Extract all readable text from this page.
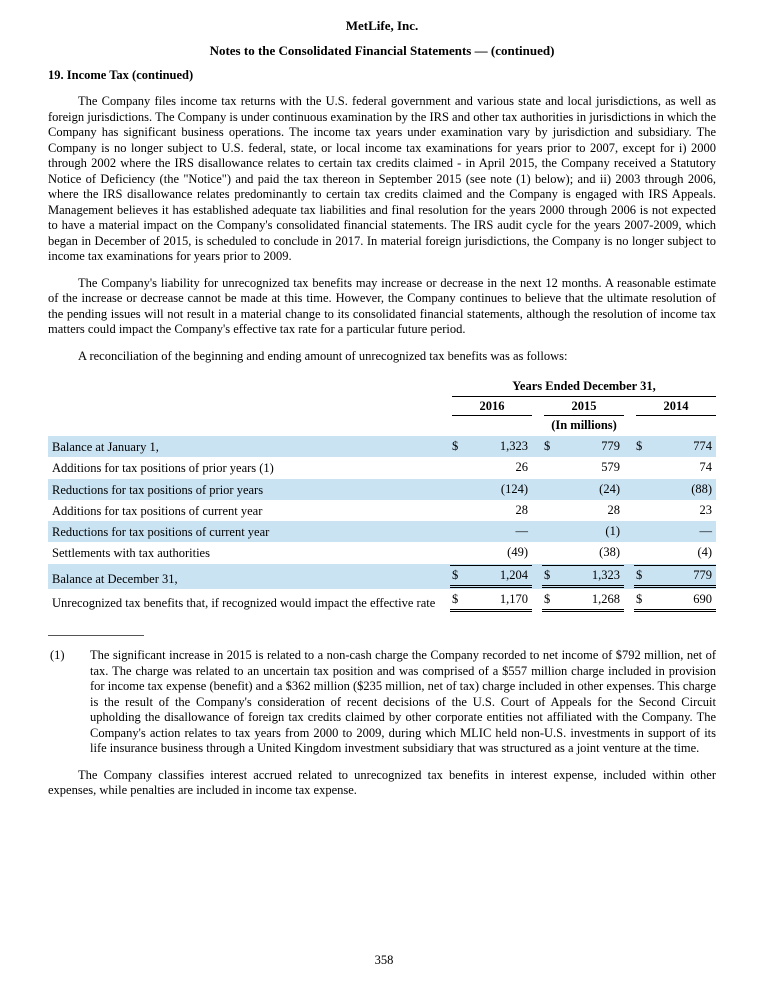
MetLife, Inc.
Notes to the Consolidated Financial Statements — (continued)
19. Income Tax (continued)

The Company files income tax returns with the U.S. federal government and various state and local jurisdictions, as well as foreign jurisdictions. The Company is under continuous examination by the IRS and other tax authorities in jurisdictions in which the Company has significant business operations. The income tax years under examination vary by jurisdiction and subsidiary. The Company is no longer subject to U.S. federal, state, or local income tax examinations for years prior to 2007, except for i) 2000 through 2002 where the IRS disallowance relates to certain tax credits claimed - in April 2015, the Company received a Statutory Notice of Deficiency (the "Notice") and paid the tax thereon in September 2015 (see note (1) below); and ii) 2003 through 2006, where the IRS disallowance relates predominantly to certain tax credits claimed and the Company is engaged with IRS Appeals. Management believes it has established adequate tax liabilities and final resolution for the years 2000 through 2006 is not expected to have a material impact on the Company's consolidated financial statements. The IRS audit cycle for the years 2007-2009, which began in December of 2015, is scheduled to conclude in 2017. In material foreign jurisdictions, the Company is no longer subject to income tax examinations for years prior to 2009.

The Company's liability for unrecognized tax benefits may increase or decrease in the next 12 months. A reasonable estimate of the increase or decrease cannot be made at this time. However, the Company continues to believe that the ultimate resolution of the pending issues will not result in a material change to its consolidated financial statements, although the resolution of income tax matters could impact the Company's effective tax rate for a particular future period.

A reconciliation of the beginning and ending amount of unrecognized tax benefits was as follows:

	Years Ended December 31,		

	2016	2015	2014

	(In millions)		

Balance at January 1,	$ 1,323	$ 779	$ 774

Additions for tax positions of prior years (1)	26	579	74

Reductions for tax positions of prior years	(124)	(24)	(88)

Additions for tax positions of current year	28	28	23

Reductions for tax positions of current year	—	(1)	—

Settlements with tax authorities	(49)	(38)	(4)

Balance at December 31,	$ 1,204	$ 1,323	$ 779

Unrecognized tax benefits that, if recognized would impact the effective rate	$ 1,170	$ 1,268	$ 690
(1)	The significant increase in 2015 is related to a non-cash charge the Company recorded to net income of $792 million, net of tax. The charge was related to an uncertain tax position and was comprised of a $557 million charge included in provision for income tax expense (benefit) and a $362 million ($235 million, net of tax) charge included in other expenses. This charge is the result of the Company's consideration of recent decisions of the U.S. Court of Appeals for the Second Circuit upholding the disallowance of foreign tax credits claimed by other corporate entities not affiliated with the Company. The Company's action relates to tax years from 2000 to 2009, during which MLIC held non-U.S. investments in support of its life insurance business through a United Kingdom investment subsidiary that was structured as a joint venture at the time.

The Company classifies interest accrued related to unrecognized tax benefits in interest expense, included within other expenses, while penalties are included in income tax expense.

358
